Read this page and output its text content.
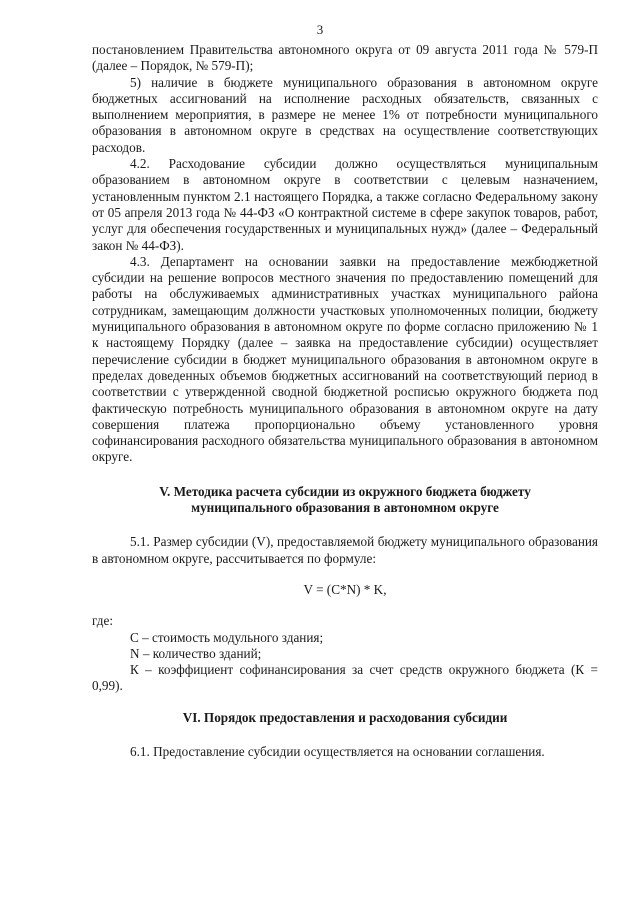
3

постановлением Правительства автономного округа от 09 августа 2011 года № 579-П (далее – Порядок, № 579-П);

5) наличие в бюджете муниципального образования в автономном округе бюджетных ассигнований на исполнение расходных обязательств, связанных с выполнением мероприятия, в размере не менее 1% от потребности муниципального образования в автономном округе в средствах на осуществление соответствующих расходов.

4.2. Расходование субсидии должно осуществляться муниципальным образованием в автономном округе в соответствии с целевым назначением, установленным пунктом 2.1 настоящего Порядка, а также согласно Федеральному закону от 05 апреля 2013 года № 44-ФЗ «О контрактной системе в сфере закупок товаров, работ, услуг для обеспечения государственных и муниципальных нужд» (далее – Федеральный закон № 44-ФЗ).

4.3. Департамент на основании заявки на предоставление межбюджетной субсидии на решение вопросов местного значения по предоставлению помещений для работы на обслуживаемых административных участках муниципального района сотрудникам, замещающим должности участковых уполномоченных полиции, бюджету муниципального образования в автономном округе по форме согласно приложению № 1 к настоящему Порядку (далее – заявка на предоставление субсидии) осуществляет перечисление субсидии в бюджет муниципального образования в автономном округе в пределах доведенных объемов бюджетных ассигнований на соответствующий период в соответствии с утвержденной сводной бюджетной росписью окружного бюджета под фактическую потребность муниципального образования в автономном округе на дату совершения платежа пропорционально объему установленного уровня софинансирования расходного обязательства муниципального образования в автономном округе.

V. Методика расчета субсидии из окружного бюджета бюджету

муниципального образования в автономном округе

5.1. Размер субсидии (V), предоставляемой бюджету муниципального образования в автономном округе, рассчитывается по формуле:

V = (C*N) * K,

где:

С – стоимость модульного здания;

N – количество зданий;

К – коэффициент софинансирования за счет средств окружного бюджета (К = 0,99).

VI. Порядок предоставления и расходования субсидии

6.1. Предоставление субсидии осуществляется на основании соглашения.
